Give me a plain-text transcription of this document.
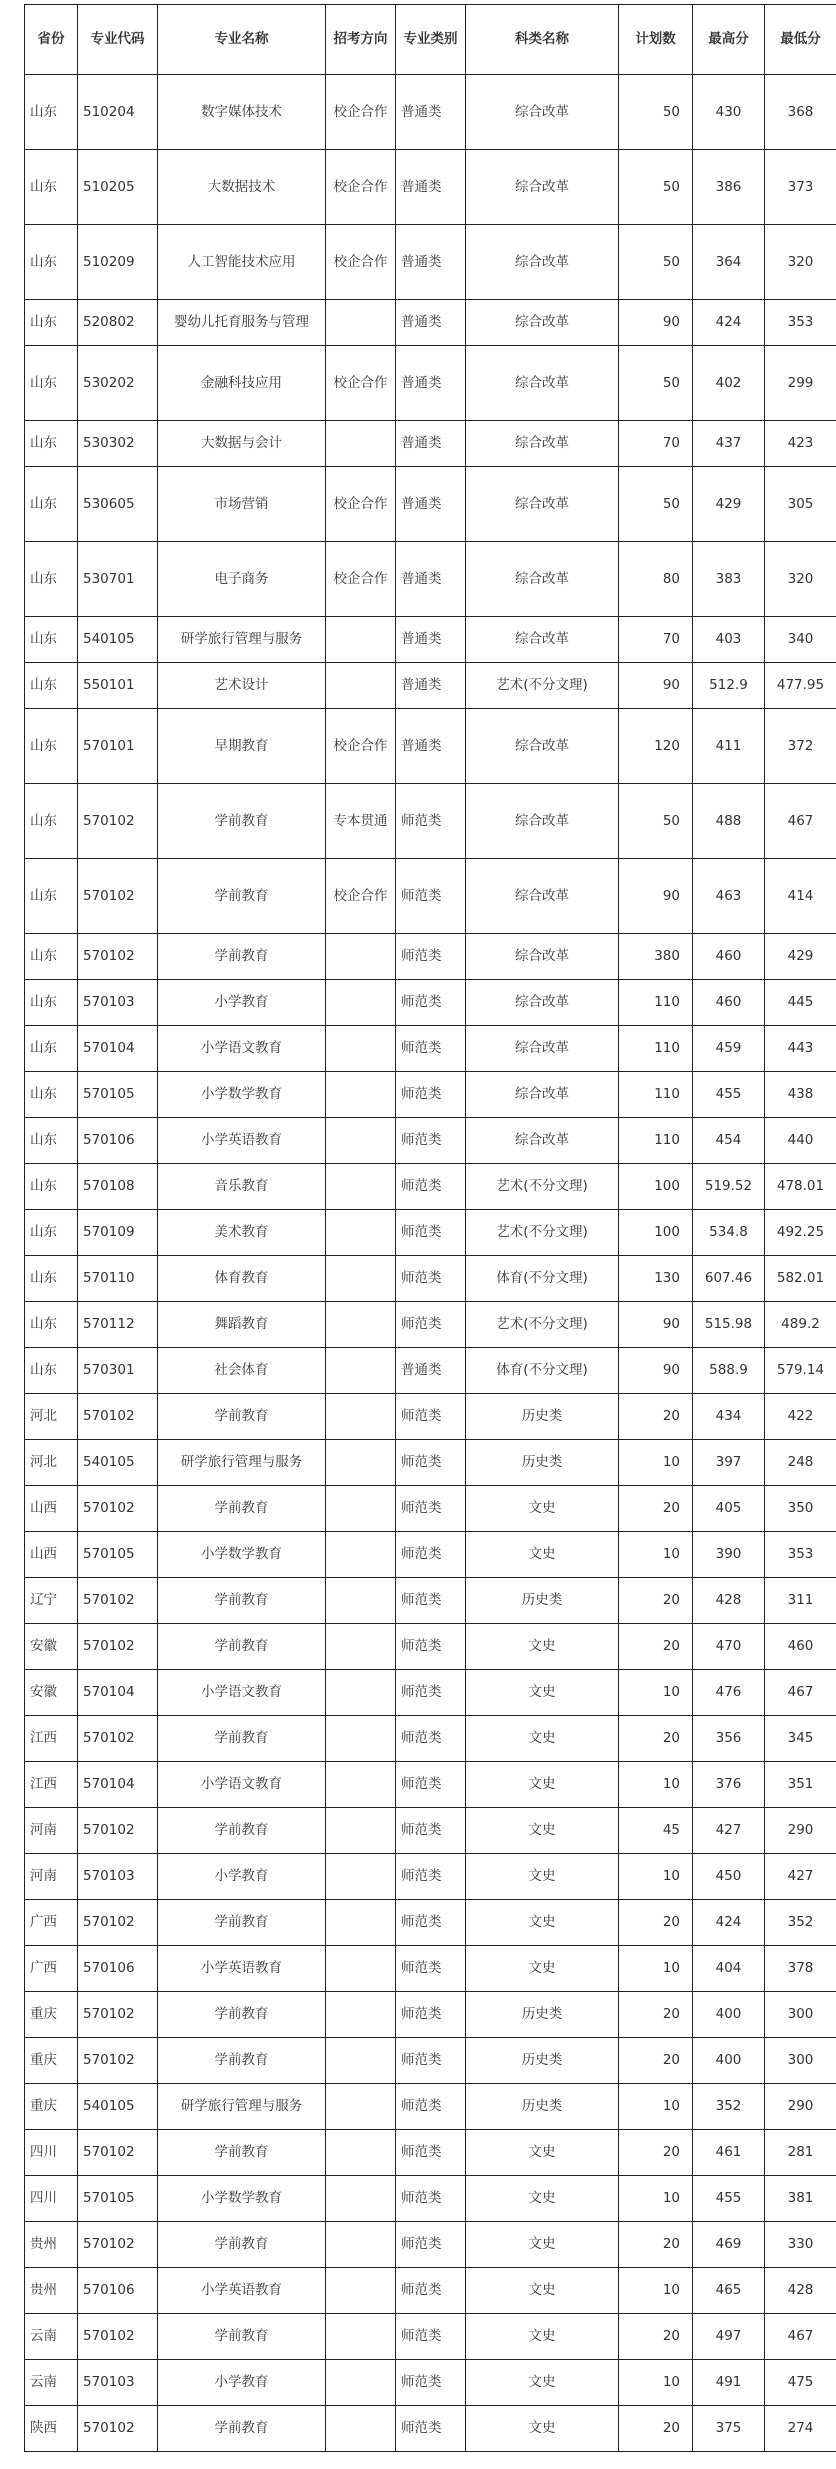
省份	专业代码	专业名称	招考方向	专业类别	科类名称	计划数	最高分	最低分
山东	510204	数字媒体技术	校企合作	普通类	综合改革	50	430	368
山东	510205	大数据技术	校企合作	普通类	综合改革	50	386	373
山东	510209	人工智能技术应用	校企合作	普通类	综合改革	50	364	320
山东	520802	婴幼儿托育服务与管理		普通类	综合改革	90	424	353
山东	530202	金融科技应用	校企合作	普通类	综合改革	50	402	299
山东	530302	大数据与会计		普通类	综合改革	70	437	423
山东	530605	市场营销	校企合作	普通类	综合改革	50	429	305
山东	530701	电子商务	校企合作	普通类	综合改革	80	383	320
山东	540105	研学旅行管理与服务		普通类	综合改革	70	403	340
山东	550101	艺术设计		普通类	艺术(不分文理)	90	512.9	477.95
山东	570101	早期教育	校企合作	普通类	综合改革	120	411	372
山东	570102	学前教育	专本贯通	师范类	综合改革	50	488	467
山东	570102	学前教育	校企合作	师范类	综合改革	90	463	414
山东	570102	学前教育		师范类	综合改革	380	460	429
山东	570103	小学教育		师范类	综合改革	110	460	445
山东	570104	小学语文教育		师范类	综合改革	110	459	443
山东	570105	小学数学教育		师范类	综合改革	110	455	438
山东	570106	小学英语教育		师范类	综合改革	110	454	440
山东	570108	音乐教育		师范类	艺术(不分文理)	100	519.52	478.01
山东	570109	美术教育		师范类	艺术(不分文理)	100	534.8	492.25
山东	570110	体育教育		师范类	体育(不分文理)	130	607.46	582.01
山东	570112	舞蹈教育		师范类	艺术(不分文理)	90	515.98	489.2
山东	570301	社会体育		普通类	体育(不分文理)	90	588.9	579.14
河北	570102	学前教育		师范类	历史类	20	434	422
河北	540105	研学旅行管理与服务		师范类	历史类	10	397	248
山西	570102	学前教育		师范类	文史	20	405	350
山西	570105	小学数学教育		师范类	文史	10	390	353
辽宁	570102	学前教育		师范类	历史类	20	428	311
安徽	570102	学前教育		师范类	文史	20	470	460
安徽	570104	小学语文教育		师范类	文史	10	476	467
江西	570102	学前教育		师范类	文史	20	356	345
江西	570104	小学语文教育		师范类	文史	10	376	351
河南	570102	学前教育		师范类	文史	45	427	290
河南	570103	小学教育		师范类	文史	10	450	427
广西	570102	学前教育		师范类	文史	20	424	352
广西	570106	小学英语教育		师范类	文史	10	404	378
重庆	570102	学前教育		师范类	历史类	20	400	300
重庆	570102	学前教育		师范类	历史类	20	400	300
重庆	540105	研学旅行管理与服务		师范类	历史类	10	352	290
四川	570102	学前教育		师范类	文史	20	461	281
四川	570105	小学数学教育		师范类	文史	10	455	381
贵州	570102	学前教育		师范类	文史	20	469	330
贵州	570106	小学英语教育		师范类	文史	10	465	428
云南	570102	学前教育		师范类	文史	20	497	467
云南	570103	小学教育		师范类	文史	10	491	475
陕西	570102	学前教育		师范类	文史	20	375	274
